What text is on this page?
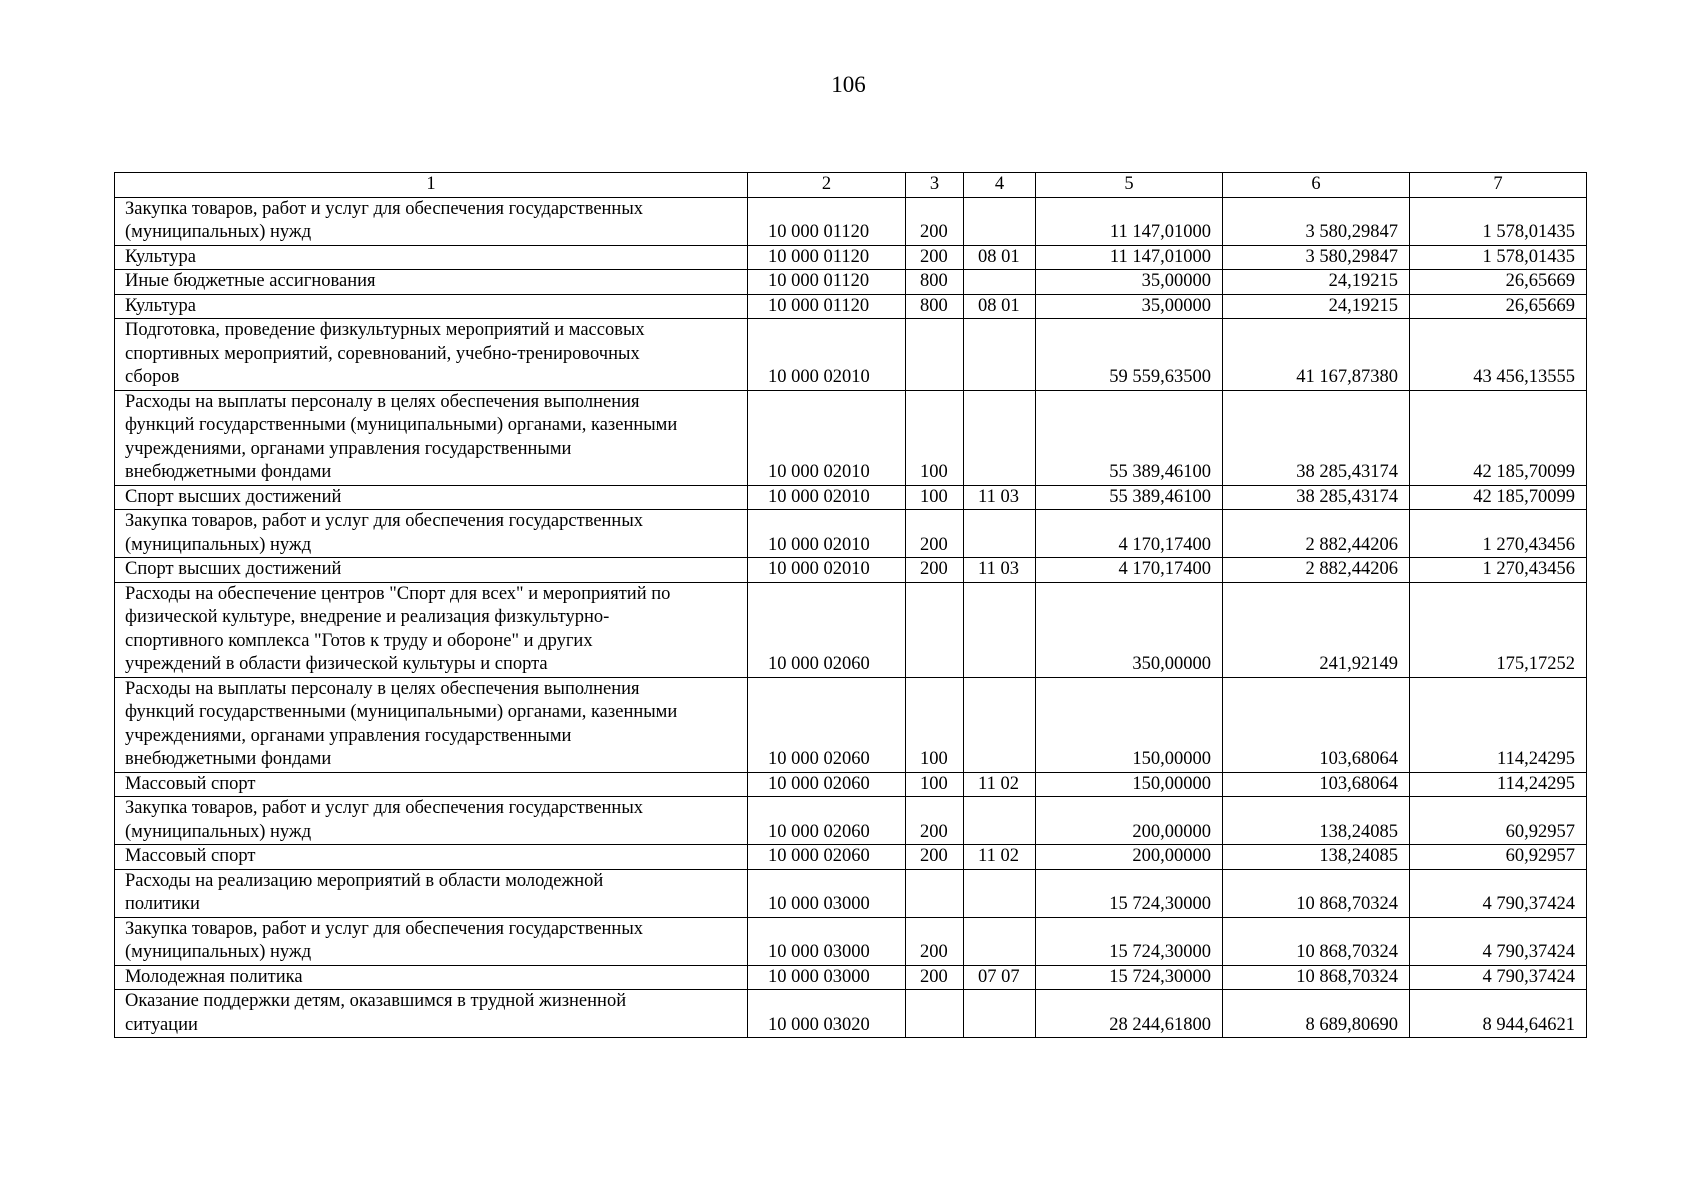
106
1	2	3	4	5	6	7
Закупка товаров, работ и услуг для обеспечения государственных
(муниципальных) нужд	10 000 01120	200		11 147,01000	3 580,29847	1 578,01435
Культура	10 000 01120	200	08 01	11 147,01000	3 580,29847	1 578,01435
Иные бюджетные ассигнования	10 000 01120	800		35,00000	24,19215	26,65669
Культура	10 000 01120	800	08 01	35,00000	24,19215	26,65669
Подготовка, проведение физкультурных мероприятий и массовых
спортивных мероприятий, соревнований, учебно-тренировочных
сборов	10 000 02010			59 559,63500	41 167,87380	43 456,13555
Расходы на выплаты персоналу в целях обеспечения выполнения
функций государственными (муниципальными) органами, казенными
учреждениями, органами управления государственными
внебюджетными фондами	10 000 02010	100		55 389,46100	38 285,43174	42 185,70099
Спорт высших достижений	10 000 02010	100	11 03	55 389,46100	38 285,43174	42 185,70099
Закупка товаров, работ и услуг для обеспечения государственных
(муниципальных) нужд	10 000 02010	200		4 170,17400	2 882,44206	1 270,43456
Спорт высших достижений	10 000 02010	200	11 03	4 170,17400	2 882,44206	1 270,43456
Расходы на обеспечение центров "Спорт для всех" и мероприятий по
физической культуре, внедрение и реализация физкультурно-
спортивного комплекса "Готов к труду и обороне" и других
учреждений в области физической культуры и спорта	10 000 02060			350,00000	241,92149	175,17252
Расходы на выплаты персоналу в целях обеспечения выполнения
функций государственными (муниципальными) органами, казенными
учреждениями, органами управления государственными
внебюджетными фондами	10 000 02060	100		150,00000	103,68064	114,24295
Массовый спорт	10 000 02060	100	11 02	150,00000	103,68064	114,24295
Закупка товаров, работ и услуг для обеспечения государственных
(муниципальных) нужд	10 000 02060	200		200,00000	138,24085	60,92957
Массовый спорт	10 000 02060	200	11 02	200,00000	138,24085	60,92957
Расходы на реализацию мероприятий в области молодежной
политики	10 000 03000			15 724,30000	10 868,70324	4 790,37424
Закупка товаров, работ и услуг для обеспечения государственных
(муниципальных) нужд	10 000 03000	200		15 724,30000	10 868,70324	4 790,37424
Молодежная политика	10 000 03000	200	07 07	15 724,30000	10 868,70324	4 790,37424
Оказание поддержки детям, оказавшимся в трудной жизненной
ситуации	10 000 03020			28 244,61800	8 689,80690	8 944,64621
